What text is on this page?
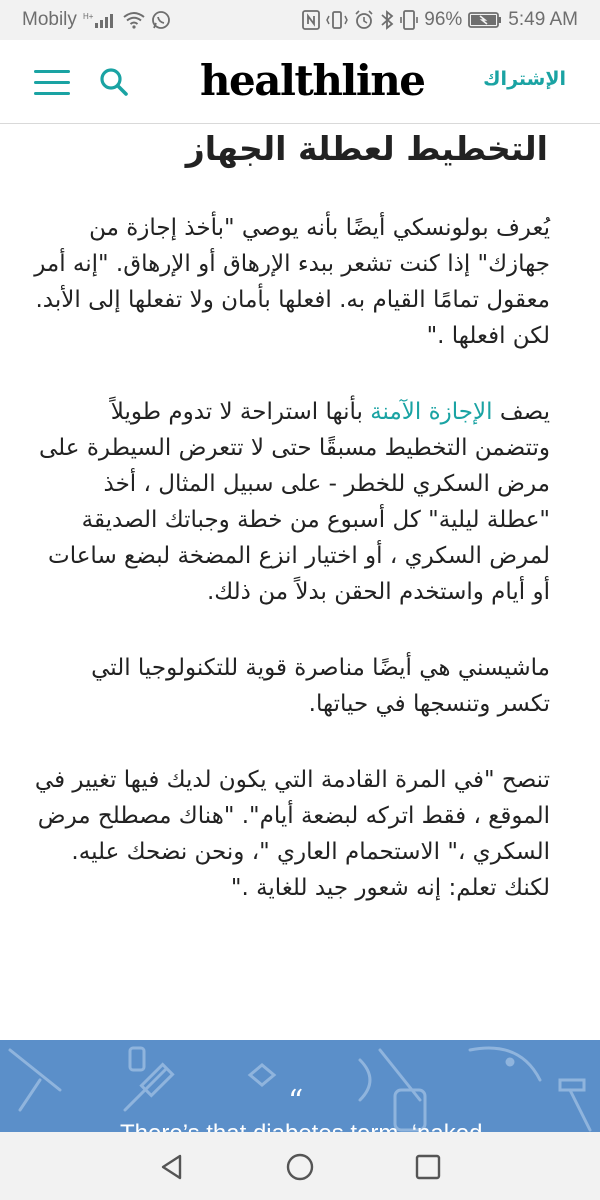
Mobily H+	96% 5:49 AM
healthline	الإشتراك
التخطيط لعطلة الجهاز

يُعرف بولونسكي أيضًا بأنه يوصي "بأخذ إجازة من جهازك" إذا كنت تشعر ببدء الإرهاق أو الإرهاق. "إنه أمر معقول تمامًا القيام به. افعلها بأمان ولا تفعلها إلى الأبد. لكن افعلها ."

يصف الإجازة الآمنة بأنها استراحة لا تدوم طويلاً وتتضمن التخطيط مسبقًا حتى لا تتعرض السيطرة على مرض السكري للخطر - على سبيل المثال ، أخذ "عطلة ليلية" كل أسبوع من خطة وجباتك الصديقة لمرض السكري ، أو اختيار انزع المضخة لبضع ساعات أو أيام واستخدم الحقن بدلاً من ذلك.

ماشيسني هي أيضًا مناصرة قوية للتكنولوجيا التي تكسر وتنسجها في حياتها.

تنصح "في المرة القادمة التي يكون لديك فيها تغيير في الموقع ، فقط اتركه لبضعة أيام". "هناك مصطلح مرض السكري ،" الاستحمام العاري "، ونحن نضحك عليه. لكنك تعلم: إنه شعور جيد للغاية ."

“
